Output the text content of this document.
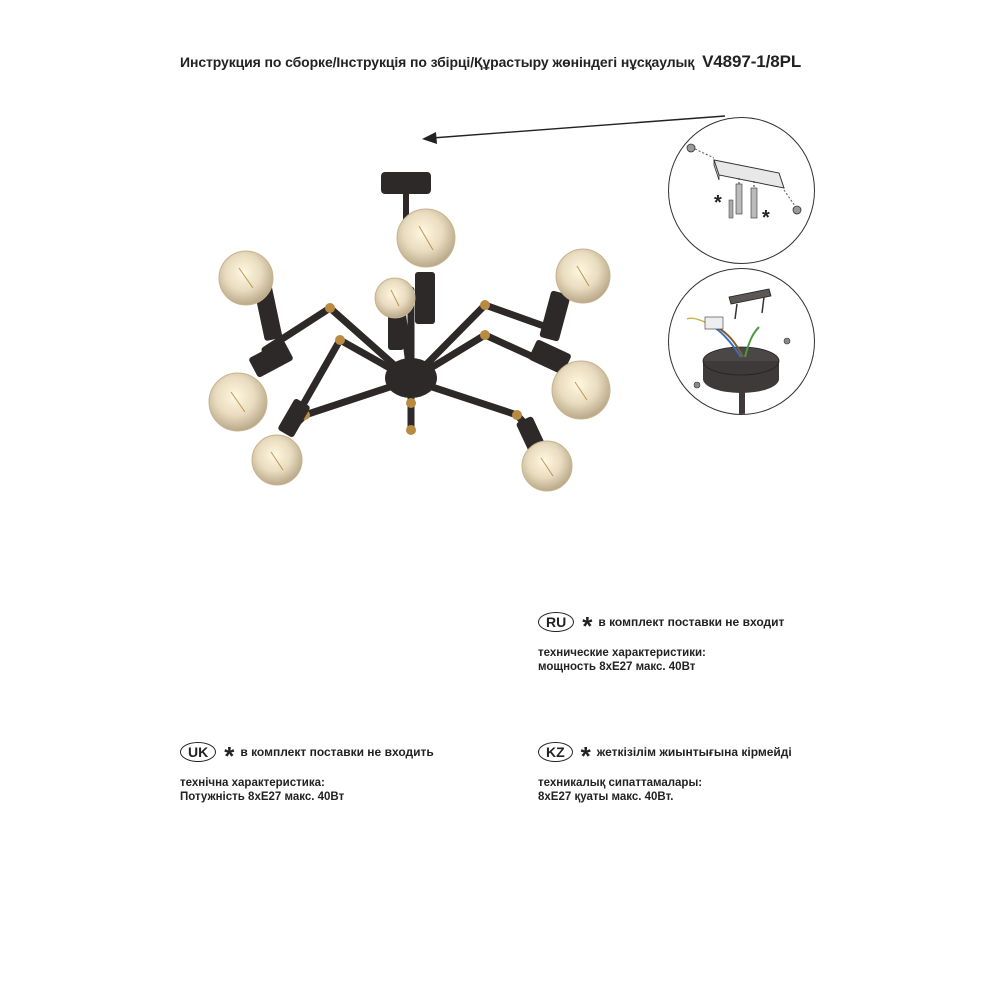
Инструкция по сборке/Інструкція по збірці/Құрастыру жөніндегі нұсқаулық V4897-1/8PL
*
*
RU * в комплект поставки не входит
технические характеристики:
мощность 8хЕ27 макс. 40Вт
UK * в комплект поставки не входить
технічна характеристика:
Потужність 8хЕ27 макс. 40Вт
KZ * жеткізілім жиынтығына кірмейді
техникалық сипаттамалары:
8хЕ27 қуаты макс. 40Вт.
